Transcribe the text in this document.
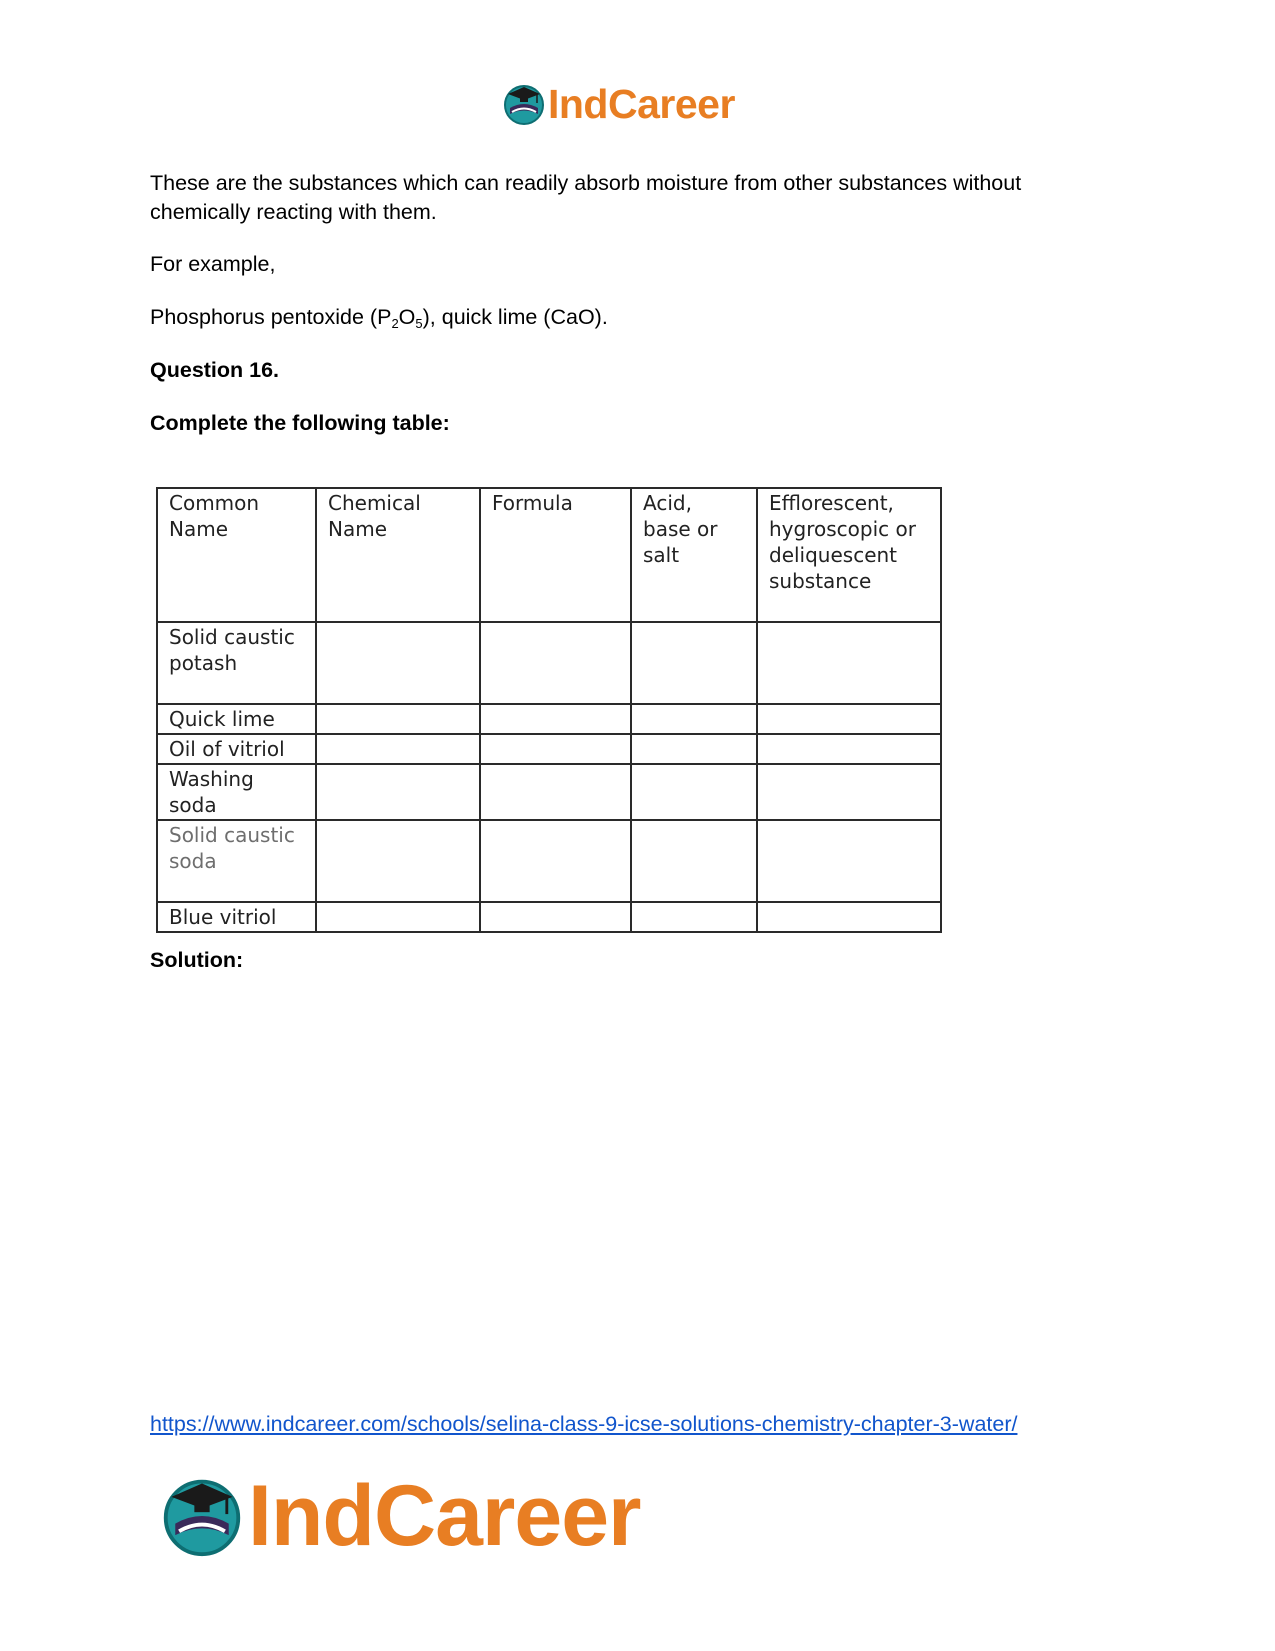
IndCareer

These are the substances which can readily absorb moisture from other substances without

chemically reacting with them.

For example,

Phosphorus pentoxide $(P_2O_5)$, quick lime (CaO).

Question 16.

Complete the following table:

Solution:

Common Name	Chemical Name	Formula	Acid, base or salt	Efflorescent, hygroscopic or deliquescent substance
Solid caustic potash				
Quick lime				
Oil of vitriol				
Washing soda				
Solid caustic soda				
Blue vitriol				
https://www.indcareer.com/schools/selina-class-9-icse-solutions-chemistry-chapter-3-water/
IndCareer
